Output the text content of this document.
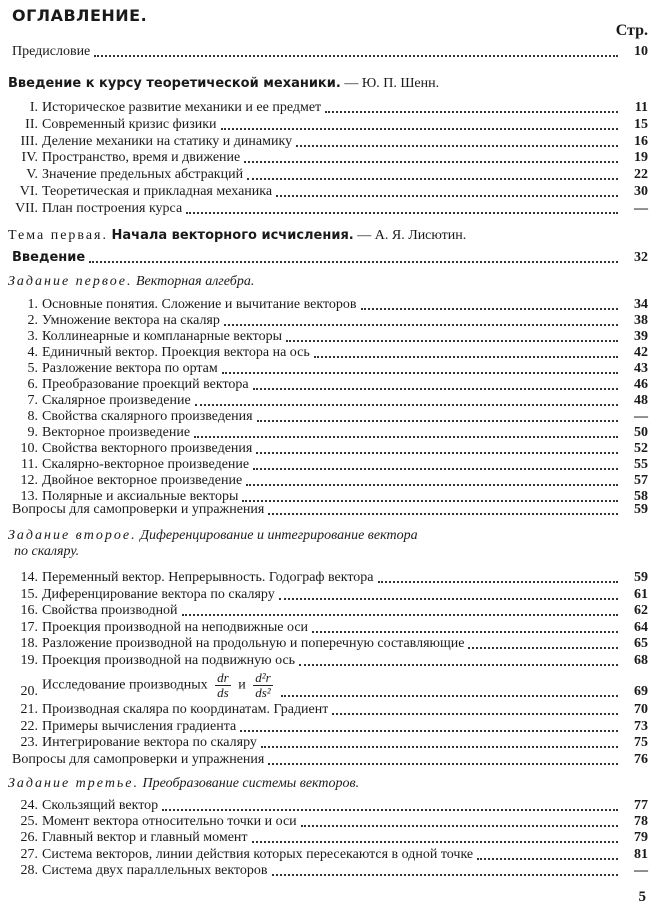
ОГЛАВЛЕНИЕ.
Стр.
Предисловие	10
Введение к курсу теоретической механики. — Ю. П. Шенн.
I. Историческое развитие механики и ее предмет	11
II. Современный кризис физики	15
III. Деление механики на статику и динамику	16
IV. Пространство, время и движение	19
V. Значение предельных абстракций	22
VI. Теоретическая и прикладная механика	30
VII. План построения курса	—
Тема первая. Начала векторного исчисления. — А. Я. Лисютин.
Введение	32
Задание первое. Векторная алгебра.
1. Основные понятия. Сложение и вычитание векторов	34
2. Умножение вектора на скаляр	38
3. Коллинеарные и компланарные векторы	39
4. Единичный вектор. Проекция вектора на ось	42
5. Разложение вектора по ортам	43
6. Преобразование проекций вектора	46
7. Скалярное произведение	48
8. Свойства скалярного произведения	—
9. Векторное произведение	50
10. Свойства векторного произведения	52
11. Скалярно-векторное произведение	55
12. Двойное векторное произведение	57
13. Полярные и аксиальные векторы	58
Вопросы для самопроверки и упражнения	59
Задание второе. Диференцирование и интегрирование вектора
по скаляру.
14. Переменный вектор. Непрерывность. Годограф вектора	59
15. Диференцирование вектора по скаляру	61
16. Свойства производной	62
17. Проекция производной на неподвижные оси	64
18. Разложение производной на продольную и поперечную составляющие	65
19. Проекция производной на подвижную ось	68
20. Исследование производных $\frac{dr}{ds}$ и $\frac{\text{d²r}}{\text{ds²}}$	69
21. Производная скаляра по координатам. Градиент	70
22. Примеры вычисления градиента	73
23. Интегрирование вектора по скаляру	75
Вопросы для самопроверки и упражнения	76
Задание третье. Преобразование системы векторов.
24. Скользящий вектор	77
25. Момент вектора относительно точки и оси	78
26. Главный вектор и главный момент	79
27. Система векторов, линии действия которых пересекаются в одной точке	81
28. Система двух параллельных векторов	—
5
